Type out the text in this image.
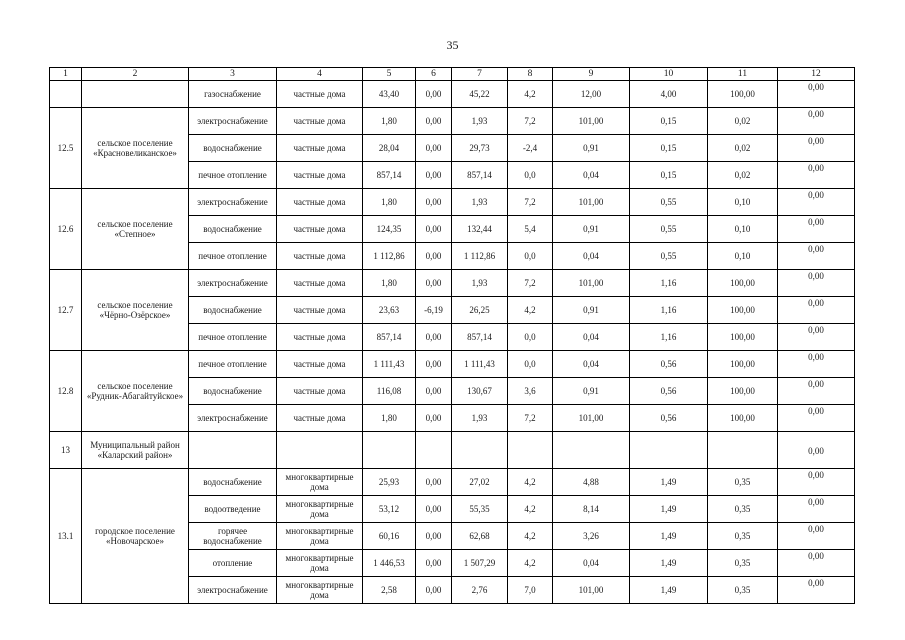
35
1	2	3	4	5	6	7	8	9	10	11	12
		газоснабжение	частные дома	43,40	0,00	45,22	4,2	12,00	4,00	100,00	0,00
12.5	сельское поселение «Красновеликанское»	электроснабжение	частные дома	1,80	0,00	1,93	7,2	101,00	0,15	0,02	0,00
		водоснабжение	частные дома	28,04	0,00	29,73	-2,4	0,91	0,15	0,02	0,00
		печное отопление	частные дома	857,14	0,00	857,14	0,0	0,04	0,15	0,02	0,00
12.6	сельское поселение «Степное»	электроснабжение	частные дома	1,80	0,00	1,93	7,2	101,00	0,55	0,10	0,00
		водоснабжение	частные дома	124,35	0,00	132,44	5,4	0,91	0,55	0,10	0,00
		печное отопление	частные дома	1 112,86	0,00	1 112,86	0,0	0,04	0,55	0,10	0,00
12.7	сельское поселение «Чёрно-Озёрское»	электроснабжение	частные дома	1,80	0,00	1,93	7,2	101,00	1,16	100,00	0,00
		водоснабжение	частные дома	23,63	-6,19	26,25	4,2	0,91	1,16	100,00	0,00
		печное отопление	частные дома	857,14	0,00	857,14	0,0	0,04	1,16	100,00	0,00
12.8	сельское поселение «Рудник-Абагайтуйское»	печное отопление	частные дома	1 111,43	0,00	1 111,43	0,0	0,04	0,56	100,00	0,00
		водоснабжение	частные дома	116,08	0,00	130,67	3,6	0,91	0,56	100,00	0,00
		электроснабжение	частные дома	1,80	0,00	1,93	7,2	101,00	0,56	100,00	0,00
13	Муниципальный район «Каларский район»										0,00
13.1	городское поселение «Новочарское»	водоснабжение	многоквартирные дома	25,93	0,00	27,02	4,2	4,88	1,49	0,35	0,00
		водоотведение	многоквартирные дома	53,12	0,00	55,35	4,2	8,14	1,49	0,35	0,00
		горячее водоснабжение	многоквартирные дома	60,16	0,00	62,68	4,2	3,26	1,49	0,35	0,00
		отопление	многоквартирные дома	1 446,53	0,00	1 507,29	4,2	0,04	1,49	0,35	0,00
		электроснабжение	многоквартирные дома	2,58	0,00	2,76	7,0	101,00	1,49	0,35	0,00
